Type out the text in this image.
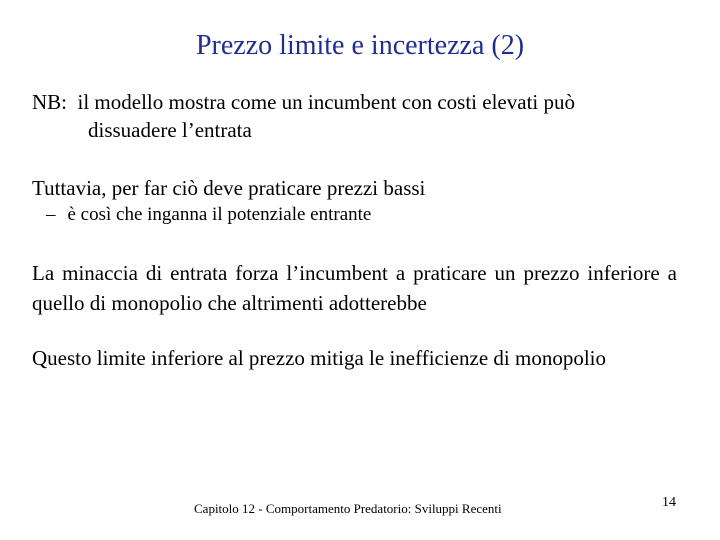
Prezzo limite e incertezza (2)
NB: il modello mostra come un incumbent con costi elevati può
dissuadere l’entrata
Tuttavia, per far ciò deve praticare prezzi bassi
– è così che inganna il potenziale entrante
La minaccia di entrata forza l’incumbent a praticare un prezzo inferiore a quello di monopolio che altrimenti adotterebbe
Questo limite inferiore al prezzo mitiga le inefficienze di monopolio
Capitolo 12 - Comportamento Predatorio: Sviluppi Recenti	14
